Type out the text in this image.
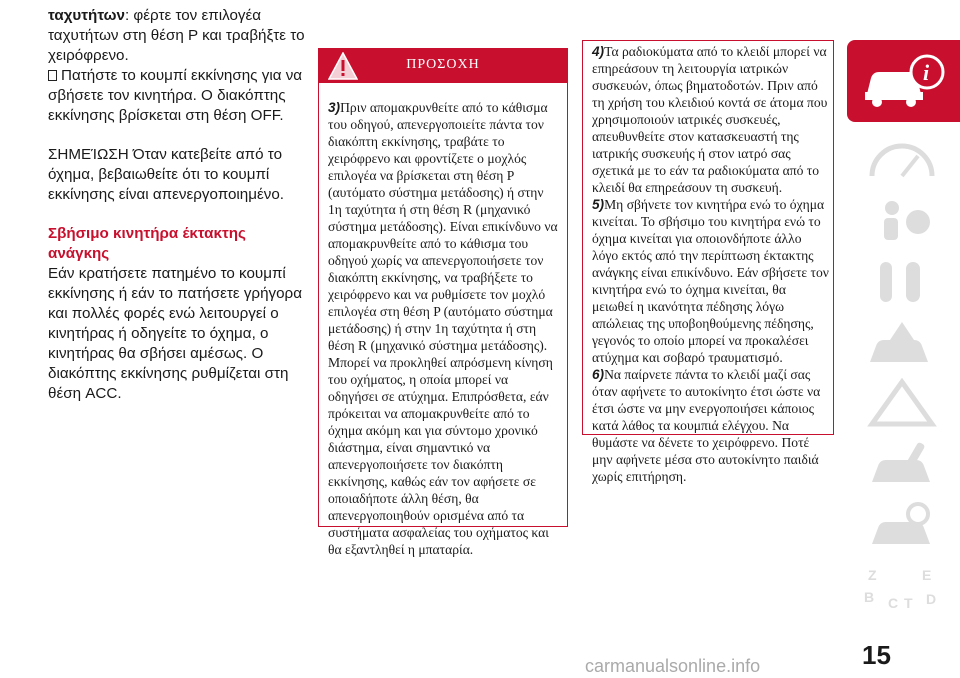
ταχυτήτων: φέρτε τον επιλογέα ταχυτήτων στη θέση Ρ και τραβήξτε το χειρόφρενο.

Πατήστε το κουμπί εκκίνησης για να σβήσετε τον κινητήρα. Ο διακόπτης εκκίνησης βρίσκεται στη θέση OFF.

ΣΗΜΕΊΩΣΗ Όταν κατεβείτε από το όχημα, βεβαιωθείτε ότι το κουμπί εκκίνησης είναι απενεργοποιημένο.

Σβήσιμο κινητήρα έκτακτης ανάγκης

Εάν κρατήσετε πατημένο το κουμπί εκκίνησης ή εάν το πατήσετε γρήγορα και πολλές φορές ενώ λειτουργεί ο κινητήρας ή οδηγείτε το όχημα, ο κινητήρας θα σβήσει αμέσως. Ο διακόπτης εκκίνησης ρυθμίζεται στη θέση ACC.

ΠΡΟΣΟΧΗ

3)Πριν απομακρυνθείτε από το κάθισμα του οδηγού, απενεργοποιείτε πάντα τον διακόπτη εκκίνησης, τραβάτε το χειρόφρενο και φροντίζετε ο μοχλός επιλογέα να βρίσκεται στη θέση P (αυτόματο σύστημα μετάδοσης) ή στην 1η ταχύτητα ή στη θέση R (μηχανικό σύστημα μετάδοσης). Είναι επικίνδυνο να απομακρυνθείτε από το κάθισμα του οδηγού χωρίς να απενεργοποιήσετε τον διακόπτη εκκίνησης, να τραβήξετε το χειρόφρενο και να ρυθμίσετε τον μοχλό επιλογέα στη θέση P (αυτόματο σύστημα μετάδοσης) ή στην 1η ταχύτητα ή στη θέση R (μηχανικό σύστημα μετάδοσης). Μπορεί να προκληθεί απρόσμενη κίνηση του οχήματος, η οποία μπορεί να οδηγήσει σε ατύχημα. Επιπρόσθετα, εάν πρόκειται να απομακρυνθείτε από το όχημα ακόμη και για σύντομο χρονικό διάστημα, είναι σημαντικό να απενεργοποιήσετε τον διακόπτη εκκίνησης, καθώς εάν τον αφήσετε σε οποιαδήποτε άλλη θέση, θα απενεργοποιηθούν ορισμένα από τα συστήματα ασφαλείας του οχήματος και θα εξαντληθεί η μπαταρία.

4)Τα ραδιοκύματα από το κλειδί μπορεί να επηρεάσουν τη λειτουργία ιατρικών συσκευών, όπως βηματοδοτών. Πριν από τη χρήση του κλειδιού κοντά σε άτομα που χρησιμοποιούν ιατρικές συσκευές, απευθυνθείτε στον κατασκευαστή της ιατρικής συσκευής ή στον ιατρό σας σχετικά με το εάν τα ραδιοκύματα από το κλειδί θα επηρεάσουν τη συσκευή.

5)Μη σβήνετε τον κινητήρα ενώ το όχημα κινείται. Το σβήσιμο του κινητήρα ενώ το όχημα κινείται για οποιονδήποτε άλλο λόγο εκτός από την περίπτωση έκτακτης ανάγκης είναι επικίνδυνο. Εάν σβήσετε τον κινητήρα ενώ το όχημα κινείται, θα μειωθεί η ικανότητα πέδησης λόγω απώλειας της υποβοηθούμενης πέδησης, γεγονός το οποίο μπορεί να προκαλέσει ατύχημα και σοβαρό τραυματισμό.

6)Να παίρνετε πάντα το κλειδί μαζί σας όταν αφήνετε το αυτοκίνητο έτσι ώστε να έτσι ώστε να μην ενεργοποιήσει κάποιος κατά λάθος τα κουμπιά ελέγχου. Να θυμάστε να δένετε το χειρόφρενο. Ποτέ μην αφήνετε μέσα στο αυτοκίνητο παιδιά χωρίς επιτήρηση.

i
Z	E
B	D
C T
15
carmanualsonline.info
